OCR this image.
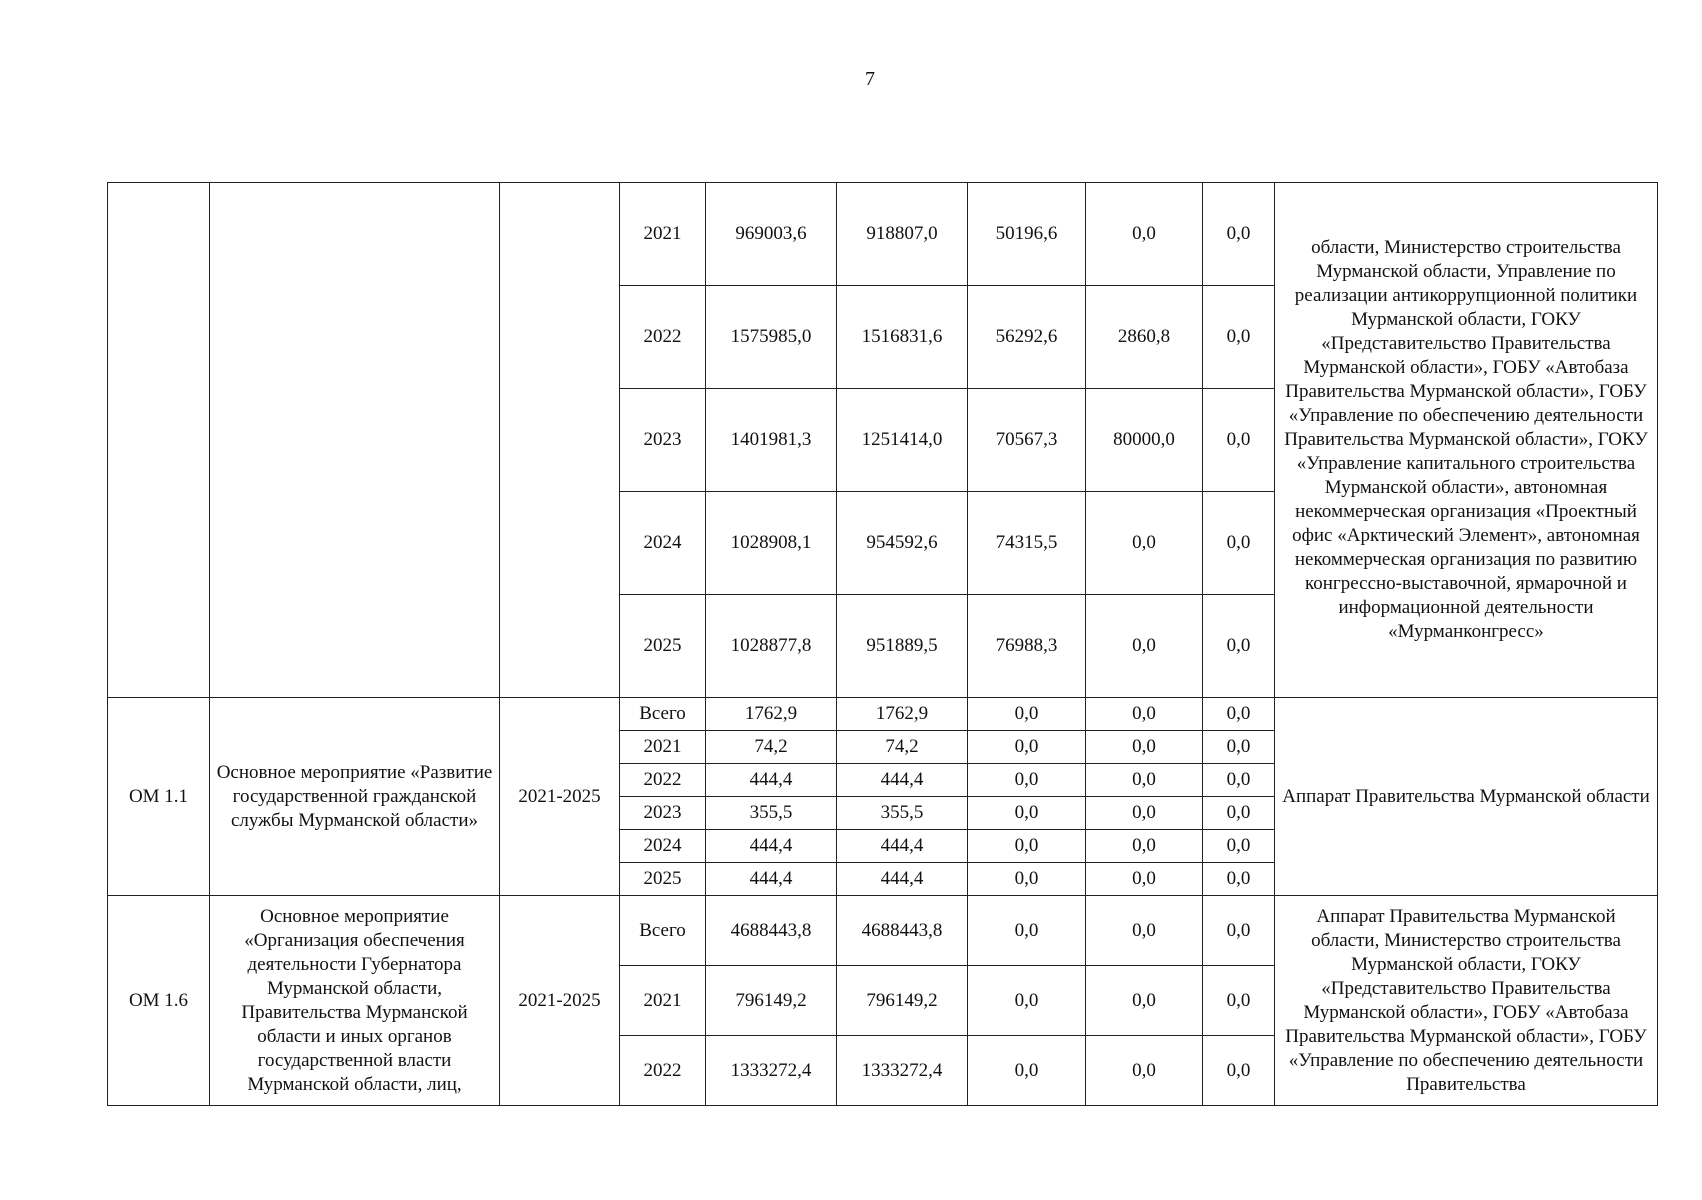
7
			2021	969003,6	918807,0	50196,6	0,0	0,0	области, Министерство строительства Мурманской области, Управление по реализации антикоррупционной политики Мурманской области, ГОКУ «Представительство Правительства Мурманской области», ГОБУ «Автобаза Правительства Мурманской области», ГОБУ «Управление по обеспечению деятельности Правительства Мурманской области», ГОКУ «Управление капитального строительства Мурманской области», автономная некоммерческая организация «Проектный офис «Арктический Элемент», автономная некоммерческая организация по развитию конгрессно-выставочной, ярмарочной и информационной деятельности «Мурманконгресс»
			2022	1575985,0	1516831,6	56292,6	2860,8	0,0	
			2023	1401981,3	1251414,0	70567,3	80000,0	0,0	
			2024	1028908,1	954592,6	74315,5	0,0	0,0	
			2025	1028877,8	951889,5	76988,3	0,0	0,0	
ОМ 1.1	Основное мероприятие «Развитие государственной гражданской службы Мурманской области»	2021-2025	Всего	1762,9	1762,9	0,0	0,0	0,0	Аппарат Правительства Мурманской области
			2021	74,2	74,2	0,0	0,0	0,0	
			2022	444,4	444,4	0,0	0,0	0,0	
			2023	355,5	355,5	0,0	0,0	0,0	
			2024	444,4	444,4	0,0	0,0	0,0	
			2025	444,4	444,4	0,0	0,0	0,0	
ОМ 1.6	Основное мероприятие «Организация обеспечения деятельности Губернатора Мурманской области, Правительства Мурманской области и иных органов государственной власти Мурманской области, лиц,	2021-2025	Всего	4688443,8	4688443,8	0,0	0,0	0,0	Аппарат Правительства Мурманской области, Министерство строительства Мурманской области, ГОКУ «Представительство Правительства Мурманской области», ГОБУ «Автобаза Правительства Мурманской области», ГОБУ «Управление по обеспечению деятельности Правительства
			2021	796149,2	796149,2	0,0	0,0	0,0	
			2022	1333272,4	1333272,4	0,0	0,0	0,0	
